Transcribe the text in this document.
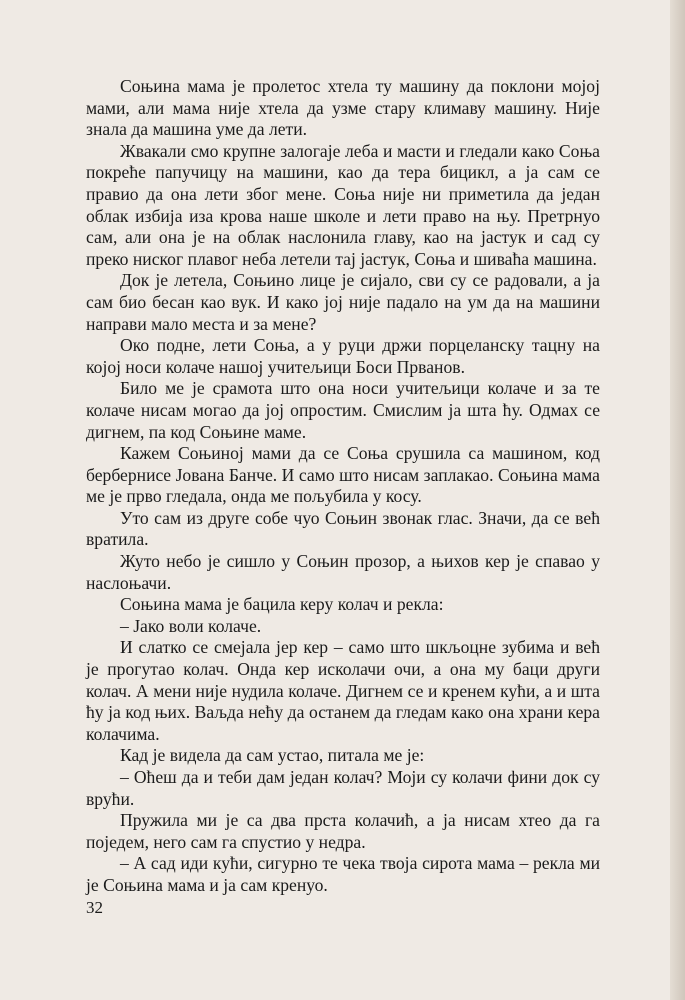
Соњина мама је пролетос хтела ту машину да поклони мојој мами, али мама није хтела да узме стару климаву машину. Није знала да машина уме да лети.

Жвакали смо крупне залогаје леба и масти и гледали како Соња покреће папучицу на машини, као да тера бицикл, а ја сам се правио да она лети због мене. Соња није ни приметила да један облак избија иза крова наше школе и лети право на њу. Претрнуо сам, али она је на облак наслонила главу, као на јастук и сад су преко ниског плавог неба летели тај јастук, Соња и шиваћа машина.

Док је летела, Соњино лице је сијало, сви су се радовали, а ја сам био бесан као вук. И како јој није падало на ум да на машини направи мало места и за мене?

Око подне, лети Соња, а у руци држи порцеланску тацну на којој носи колаче нашој учитељици Боси Прванов.

Било ме је срамота што она носи учитељици колаче и за те колаче нисам могао да јој опростим. Смислим ја шта ћу. Одмах се дигнем, па код Соњине маме.

Кажем Соњиној мами да се Соња срушила са машином, код берберниce Јована Банче. И само што нисам заплакао. Соњина мама ме је прво гледала, онда ме пољубила у косу.

Уто сам из друге собе чуо Соњин звонак глас. Значи, да се већ вратила.

Жуто небо је сишло у Соњин прозор, а њихов кер је спавао у наслоњачи.

Соњина мама је бацила керу колач и рекла:

– Јако воли колаче.

И слатко се смејала јер кер – само што шкљоцне зубима и већ је прогутао колач. Онда кер исколачи очи, а она му баци други колач. А мени није нудила колаче. Дигнем се и кренем кући, а и шта ћу ја код њих. Ваљда нећу да останем да гледам како она храни кера колачима.

Кад је видела да сам устао, питала ме је:

– Оћеш да и теби дам један колач? Моји су колачи фини док су врући.

Пружила ми је са два прста колачић, а ја нисам хтео да га поједем, него сам га спустио у недра.

– А сад иди кући, сигурно те чека твоја сирота мама – рекла ми је Соњина мама и ја сам кренуо.

32
